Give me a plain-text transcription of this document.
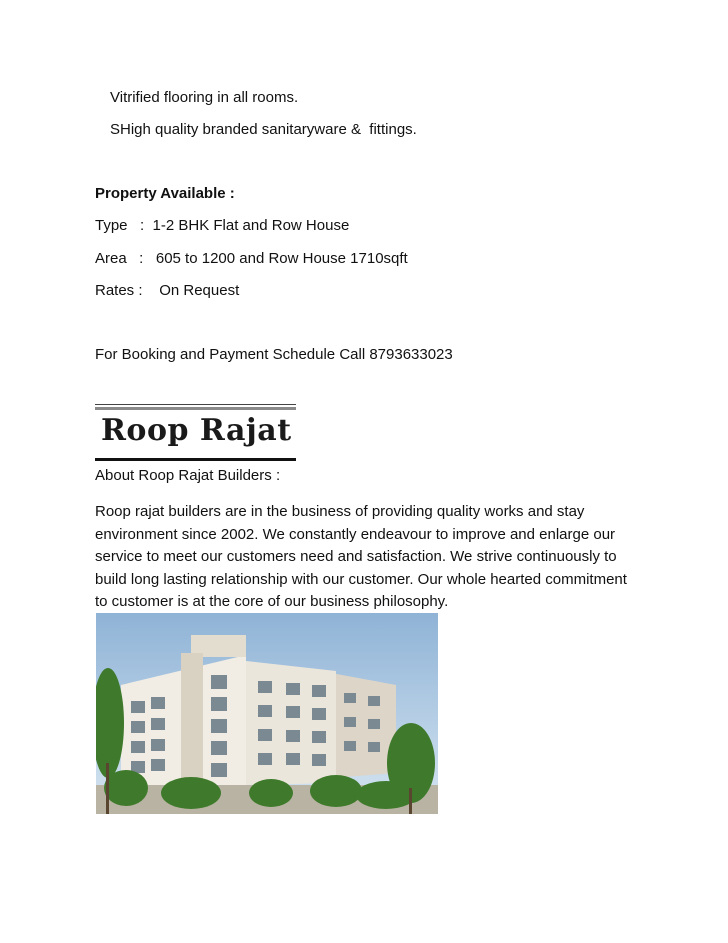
Vitrified flooring in all rooms.
SHigh quality branded sanitaryware &  fittings.
Property Available :
Type   :  1-2 BHK Flat and Row House
Area   :   605 to 1200 and Row House 1710sqft
Rates :    On Request
For Booking and Payment Schedule Call 8793633023
Roop Rajat
About Roop Rajat Builders :
Roop rajat builders are in the business of providing quality works and stay environment since 2002. We constantly endeavour to improve and enlarge our service to meet our customers need and satisfaction. We strive continuously to build long lasting relationship with our customer. Our whole hearted commitment to customer is at the core of our business philosophy.
